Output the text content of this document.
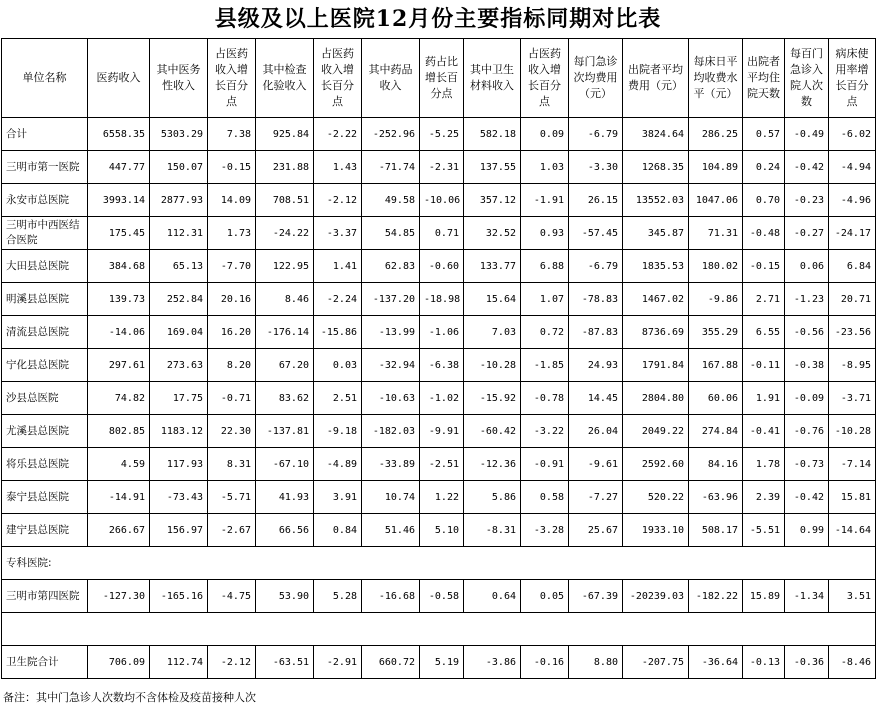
县级及以上医院12月份主要指标同期对比表
单位名称	医药收入	其中医务性收入	占医药收入增长百分点	其中检查化验收入	占医药收入增长百分点	其中药品收入	药占比增长百分点	其中卫生材料收入	占医药收入增长百分点	每门急诊次均费用（元）	出院者平均费用（元）	每床日平均收费水平（元）	出院者平均住院天数	每百门急诊入院人次数	病床使用率增长百分点
合计	6558.35	5303.29	7.38	925.84	-2.22	-252.96	-5.25	582.18	0.09	-6.79	3824.64	286.25	0.57	-0.49	-6.02
三明市第一医院	447.77	150.07	-0.15	231.88	1.43	-71.74	-2.31	137.55	1.03	-3.30	1268.35	104.89	0.24	-0.42	-4.94
永安市总医院	3993.14	2877.93	14.09	708.51	-2.12	49.58	-10.06	357.12	-1.91	26.15	13552.03	1047.06	0.70	-0.23	-4.96
三明市中西医结合医院	175.45	112.31	1.73	-24.22	-3.37	54.85	0.71	32.52	0.93	-57.45	345.87	71.31	-0.48	-0.27	-24.17
大田县总医院	384.68	65.13	-7.70	122.95	1.41	62.83	-0.60	133.77	6.88	-6.79	1835.53	180.02	-0.15	0.06	6.84
明溪县总医院	139.73	252.84	20.16	8.46	-2.24	-137.20	-18.98	15.64	1.07	-78.83	1467.02	-9.86	2.71	-1.23	20.71
清流县总医院	-14.06	169.04	16.20	-176.14	-15.86	-13.99	-1.06	7.03	0.72	-87.83	8736.69	355.29	6.55	-0.56	-23.56
宁化县总医院	297.61	273.63	8.20	67.20	0.03	-32.94	-6.38	-10.28	-1.85	24.93	1791.84	167.88	-0.11	-0.38	-8.95
沙县总医院	74.82	17.75	-0.71	83.62	2.51	-10.63	-1.02	-15.92	-0.78	14.45	2804.80	60.06	1.91	-0.09	-3.71
尤溪县总医院	802.85	1183.12	22.30	-137.81	-9.18	-182.03	-9.91	-60.42	-3.22	26.04	2049.22	274.84	-0.41	-0.76	-10.28
将乐县总医院	4.59	117.93	8.31	-67.10	-4.89	-33.89	-2.51	-12.36	-0.91	-9.61	2592.60	84.16	1.78	-0.73	-7.14
泰宁县总医院	-14.91	-73.43	-5.71	41.93	3.91	10.74	1.22	5.86	0.58	-7.27	520.22	-63.96	2.39	-0.42	15.81
建宁县总医院	266.67	156.97	-2.67	66.56	0.84	51.46	5.10	-8.31	-3.28	25.67	1933.10	508.17	-5.51	0.99	-14.64
专科医院:															
三明市第四医院	-127.30	-165.16	-4.75	53.90	5.28	-16.68	-0.58	0.64	0.05	-67.39	-20239.03	-182.22	15.89	-1.34	3.51

卫生院合计	706.09	112.74	-2.12	-63.51	-2.91	660.72	5.19	-3.86	-0.16	8.80	-207.75	-36.64	-0.13	-0.36	-8.46
备注：其中门急诊人次数均不含体检及疫苗接种人次
